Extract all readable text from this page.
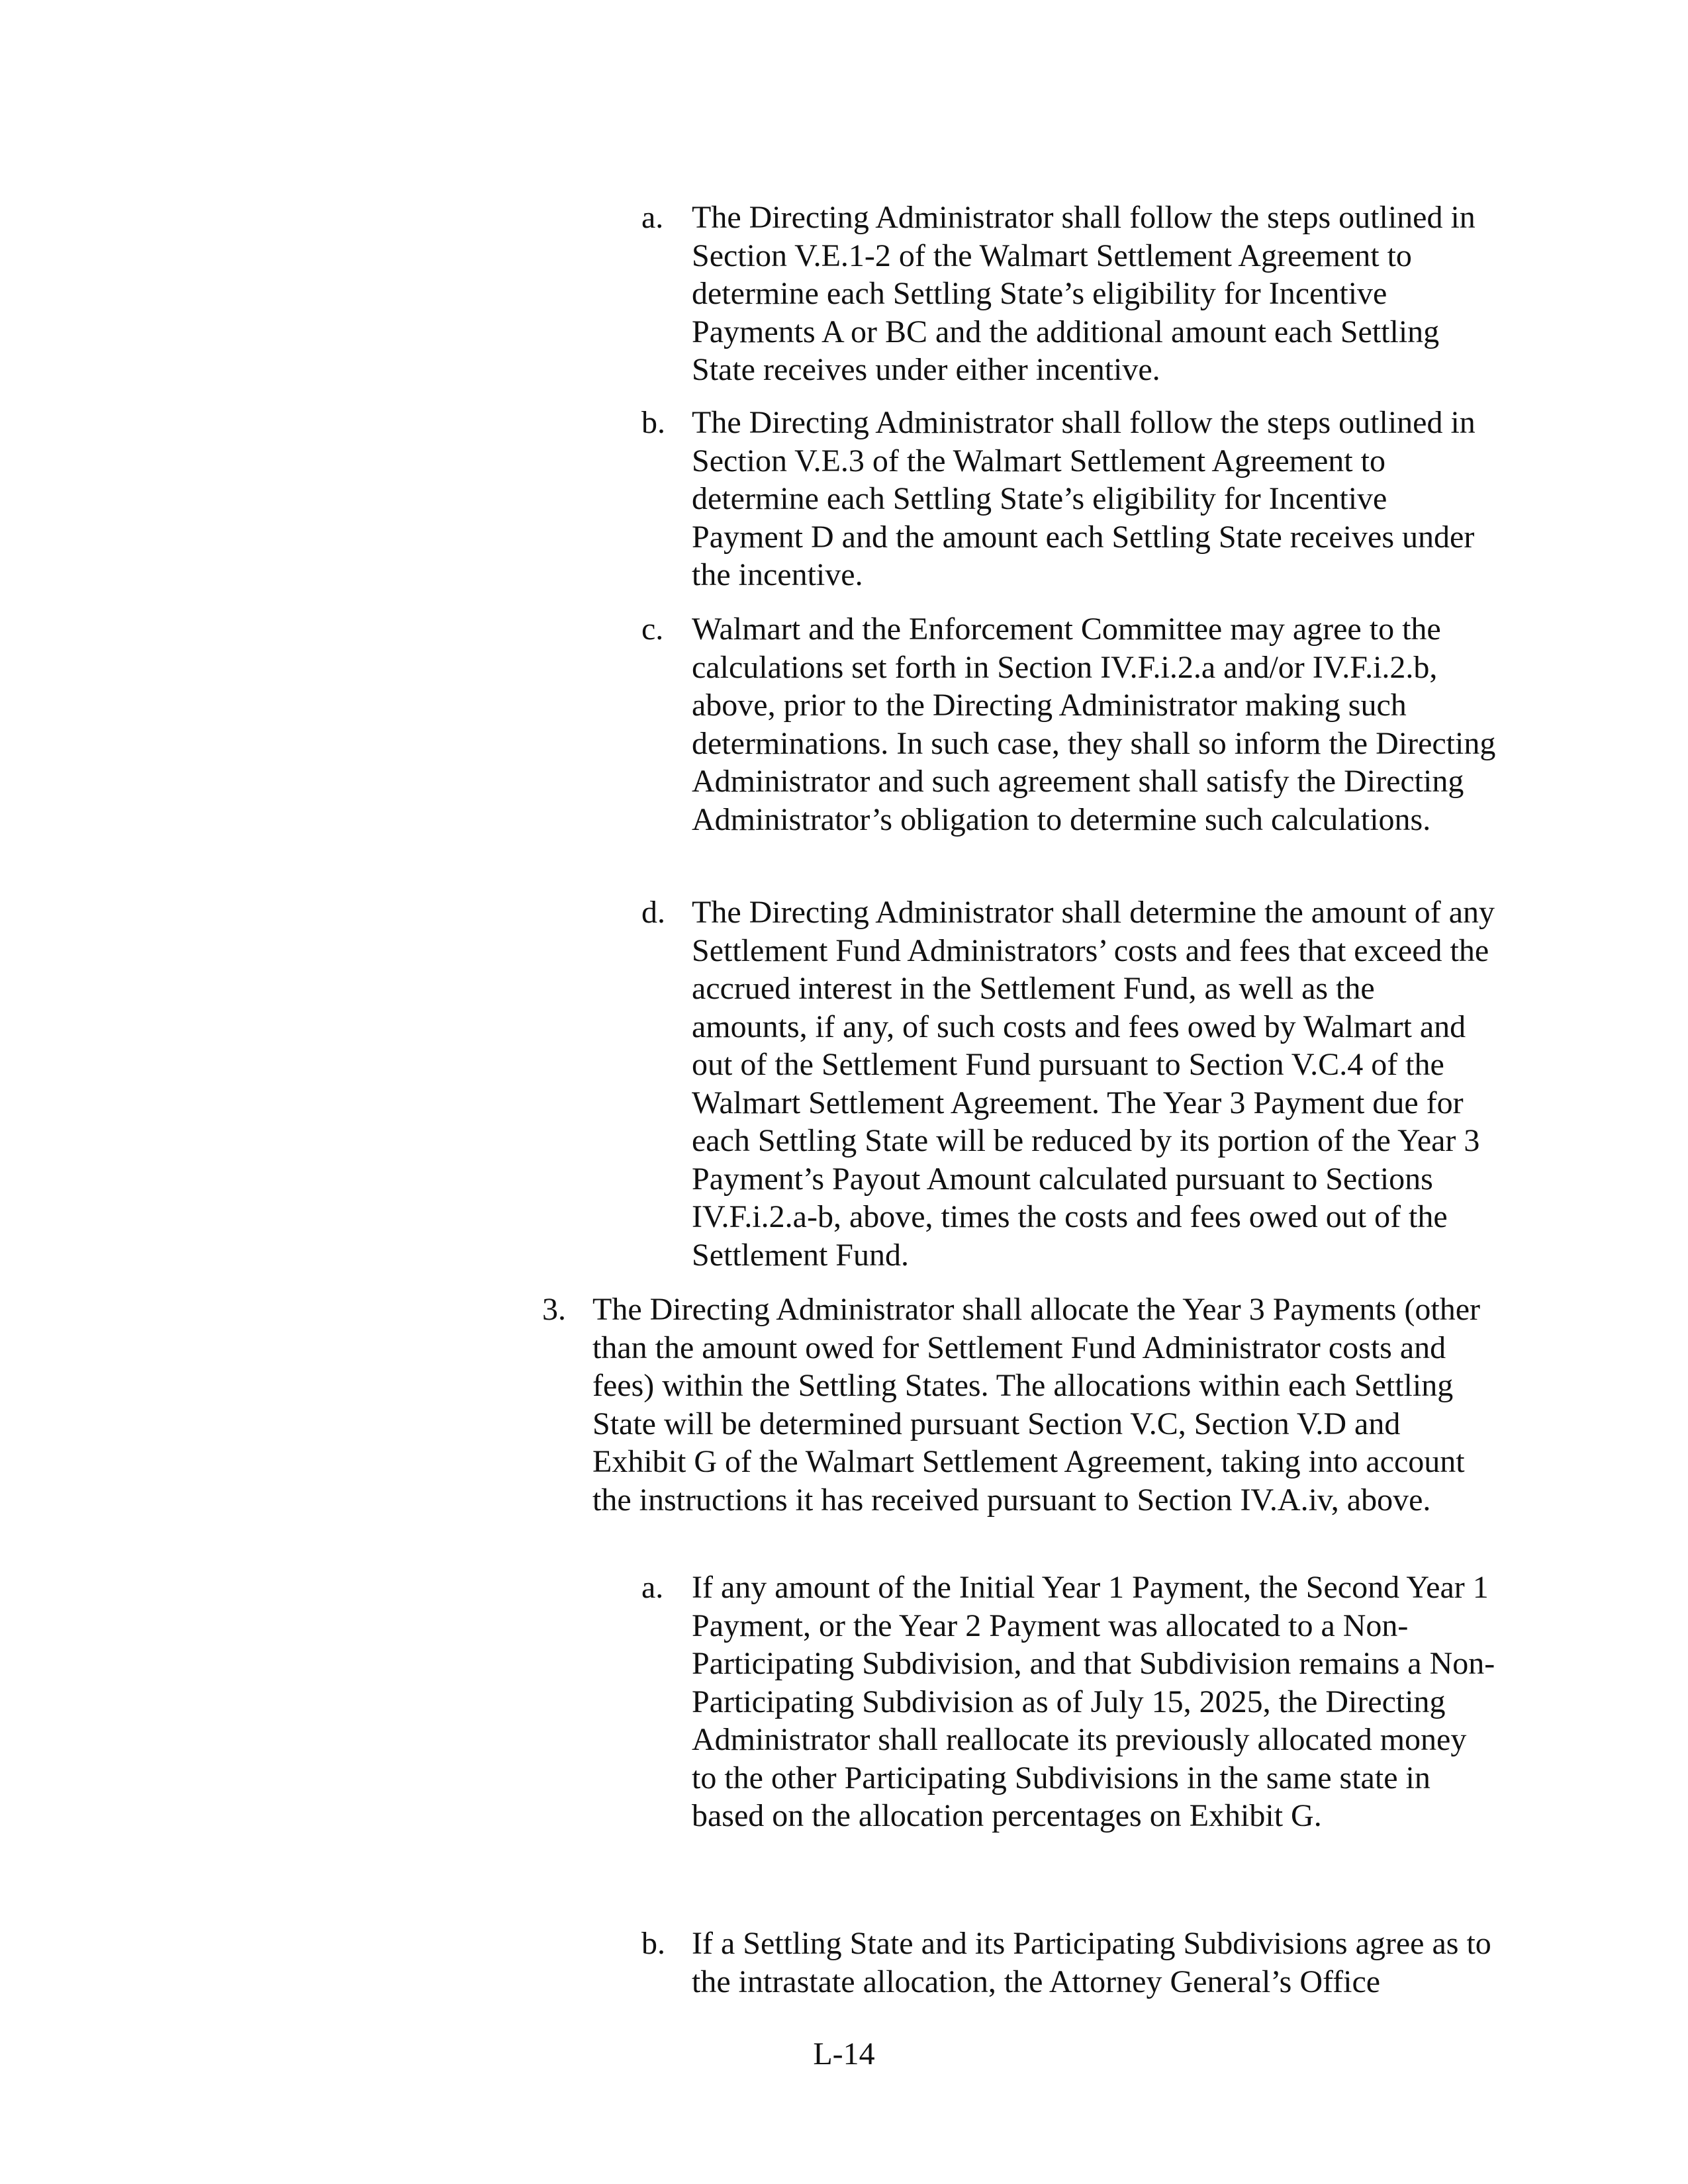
a. The Directing Administrator shall follow the steps outlined in Section V.E.1-2 of the Walmart Settlement Agreement to determine each Settling State’s eligibility for Incentive Payments A or BC and the additional amount each Settling State receives under either incentive.
b. The Directing Administrator shall follow the steps outlined in Section V.E.3 of the Walmart Settlement Agreement to determine each Settling State’s eligibility for Incentive Payment D and the amount each Settling State receives under the incentive.
c. Walmart and the Enforcement Committee may agree to the calculations set forth in Section IV.F.i.2.a and/or IV.F.i.2.b, above, prior to the Directing Administrator making such determinations. In such case, they shall so inform the Directing Administrator and such agreement shall satisfy the Directing Administrator’s obligation to determine such calculations.
d. The Directing Administrator shall determine the amount of any Settlement Fund Administrators’ costs and fees that exceed the accrued interest in the Settlement Fund, as well as the amounts, if any, of such costs and fees owed by Walmart and out of the Settlement Fund pursuant to Section V.C.4 of the Walmart Settlement Agreement. The Year 3 Payment due for each Settling State will be reduced by its portion of the Year 3 Payment’s Payout Amount calculated pursuant to Sections IV.F.i.2.a-b, above, times the costs and fees owed out of the Settlement Fund.
3. The Directing Administrator shall allocate the Year 3 Payments (other than the amount owed for Settlement Fund Administrator costs and fees) within the Settling States. The allocations within each Settling State will be determined pursuant Section V.C, Section V.D and Exhibit G of the Walmart Settlement Agreement, taking into account the instructions it has received pursuant to Section IV.A.iv, above.
a. If any amount of the Initial Year 1 Payment, the Second Year 1 Payment, or the Year 2 Payment was allocated to a Non-Participating Subdivision, and that Subdivision remains a Non-Participating Subdivision as of July 15, 2025, the Directing Administrator shall reallocate its previously allocated money to the other Participating Subdivisions in the same state in based on the allocation percentages on Exhibit G.
b. If a Settling State and its Participating Subdivisions agree as to the intrastate allocation, the Attorney General’s Office
L-14
